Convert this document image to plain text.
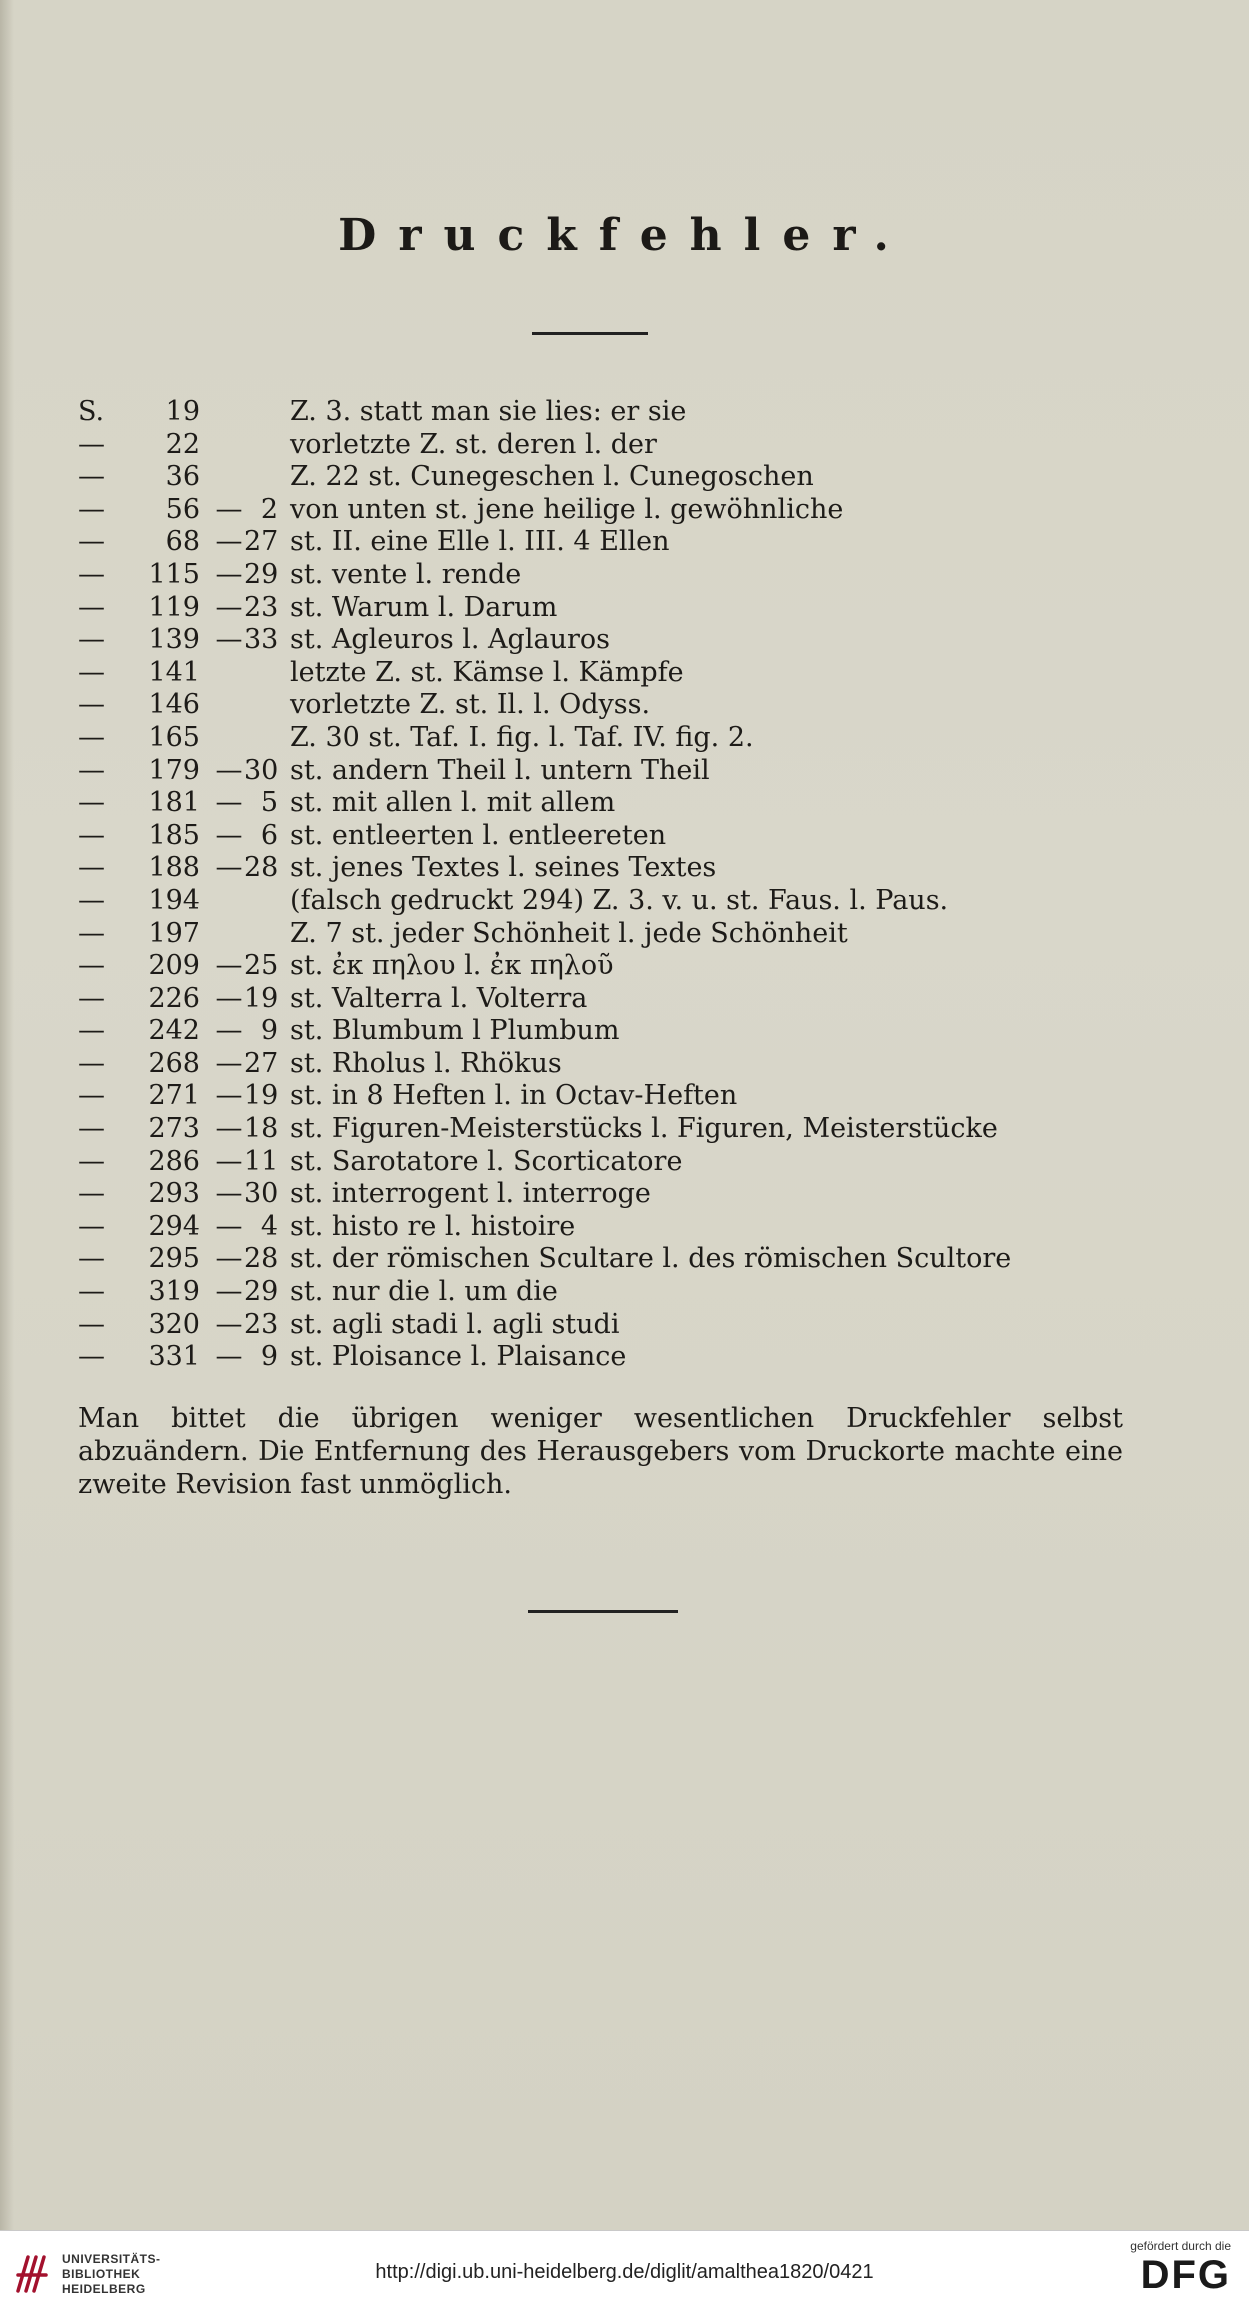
Druckfehler.
S.	19	Z. 3. statt man sie lies: er sie
—	22	vorletzte Z. st. deren l. der
—	36	Z. 22 st. Cunegeschen l. Cunegoschen
—	56 — 2 von unten st. jene heilige l. gewöhnliche
—	68 — 27 st. II. eine Elle l. III. 4 Ellen
—	115 — 29 st. vente l. rende
—	119 — 23 st. Warum l. Darum
—	139 — 33 st. Agleuros l. Aglauros
—	141	letzte Z. st. Kämse l. Kämpfe
—	146	vorletzte Z. st. Il. l. Odyss.
—	165	Z. 30 st. Taf. I. fig. l. Taf. IV. fig. 2.
—	179 — 30 st. andern Theil l. untern Theil
—	181 — 5 st. mit allen l. mit allem
—	185 — 6 st. entleerten l. entleereten
—	188 — 28 st. jenes Textes l. seines Textes
—	194	(falsch gedruckt 294) Z. 3. v. u. st. Faus. l. Paus.
—	197	Z. 7 st. jeder Schönheit l. jede Schönheit
—	209 — 25 st. ἐκ πηλου l. ἐκ πηλοῦ
—	226 — 19 st. Valterra l. Volterra
—	242 — 9 st. Blumbum l Plumbum
—	268 — 27 st. Rholus l. Rhökus
—	271 — 19 st. in 8 Heften l. in Octav-Heften
—	273 — 18 st. Figuren-Meisterstücks l. Figuren, Meisterstücke
—	286 — 11 st. Sarotatore l. Scorticatore
—	293 — 30 st. interrogent l. interroge
—	294 — 4 st. histo re l. histoire
—	295 — 28 st. der römischen Scultare l. des römischen Scultore
—	319 — 29 st. nur die l. um die
—	320 — 23 st. agli stadi l. agli studi
—	331 — 9 st. Ploisance l. Plaisance

Man bittet die übrigen weniger wesentlichen Druckfehler selbst abzuändern. Die Entfernung des Herausgebers vom Druckorte machte eine zweite Revision fast unmöglich.

UNIVERSITÄTS-
BIBLIOTHEK
HEIDELBERG
http://digi.ub.uni-heidelberg.de/diglit/amalthea1820/0421
gefördert durch die
DFG
